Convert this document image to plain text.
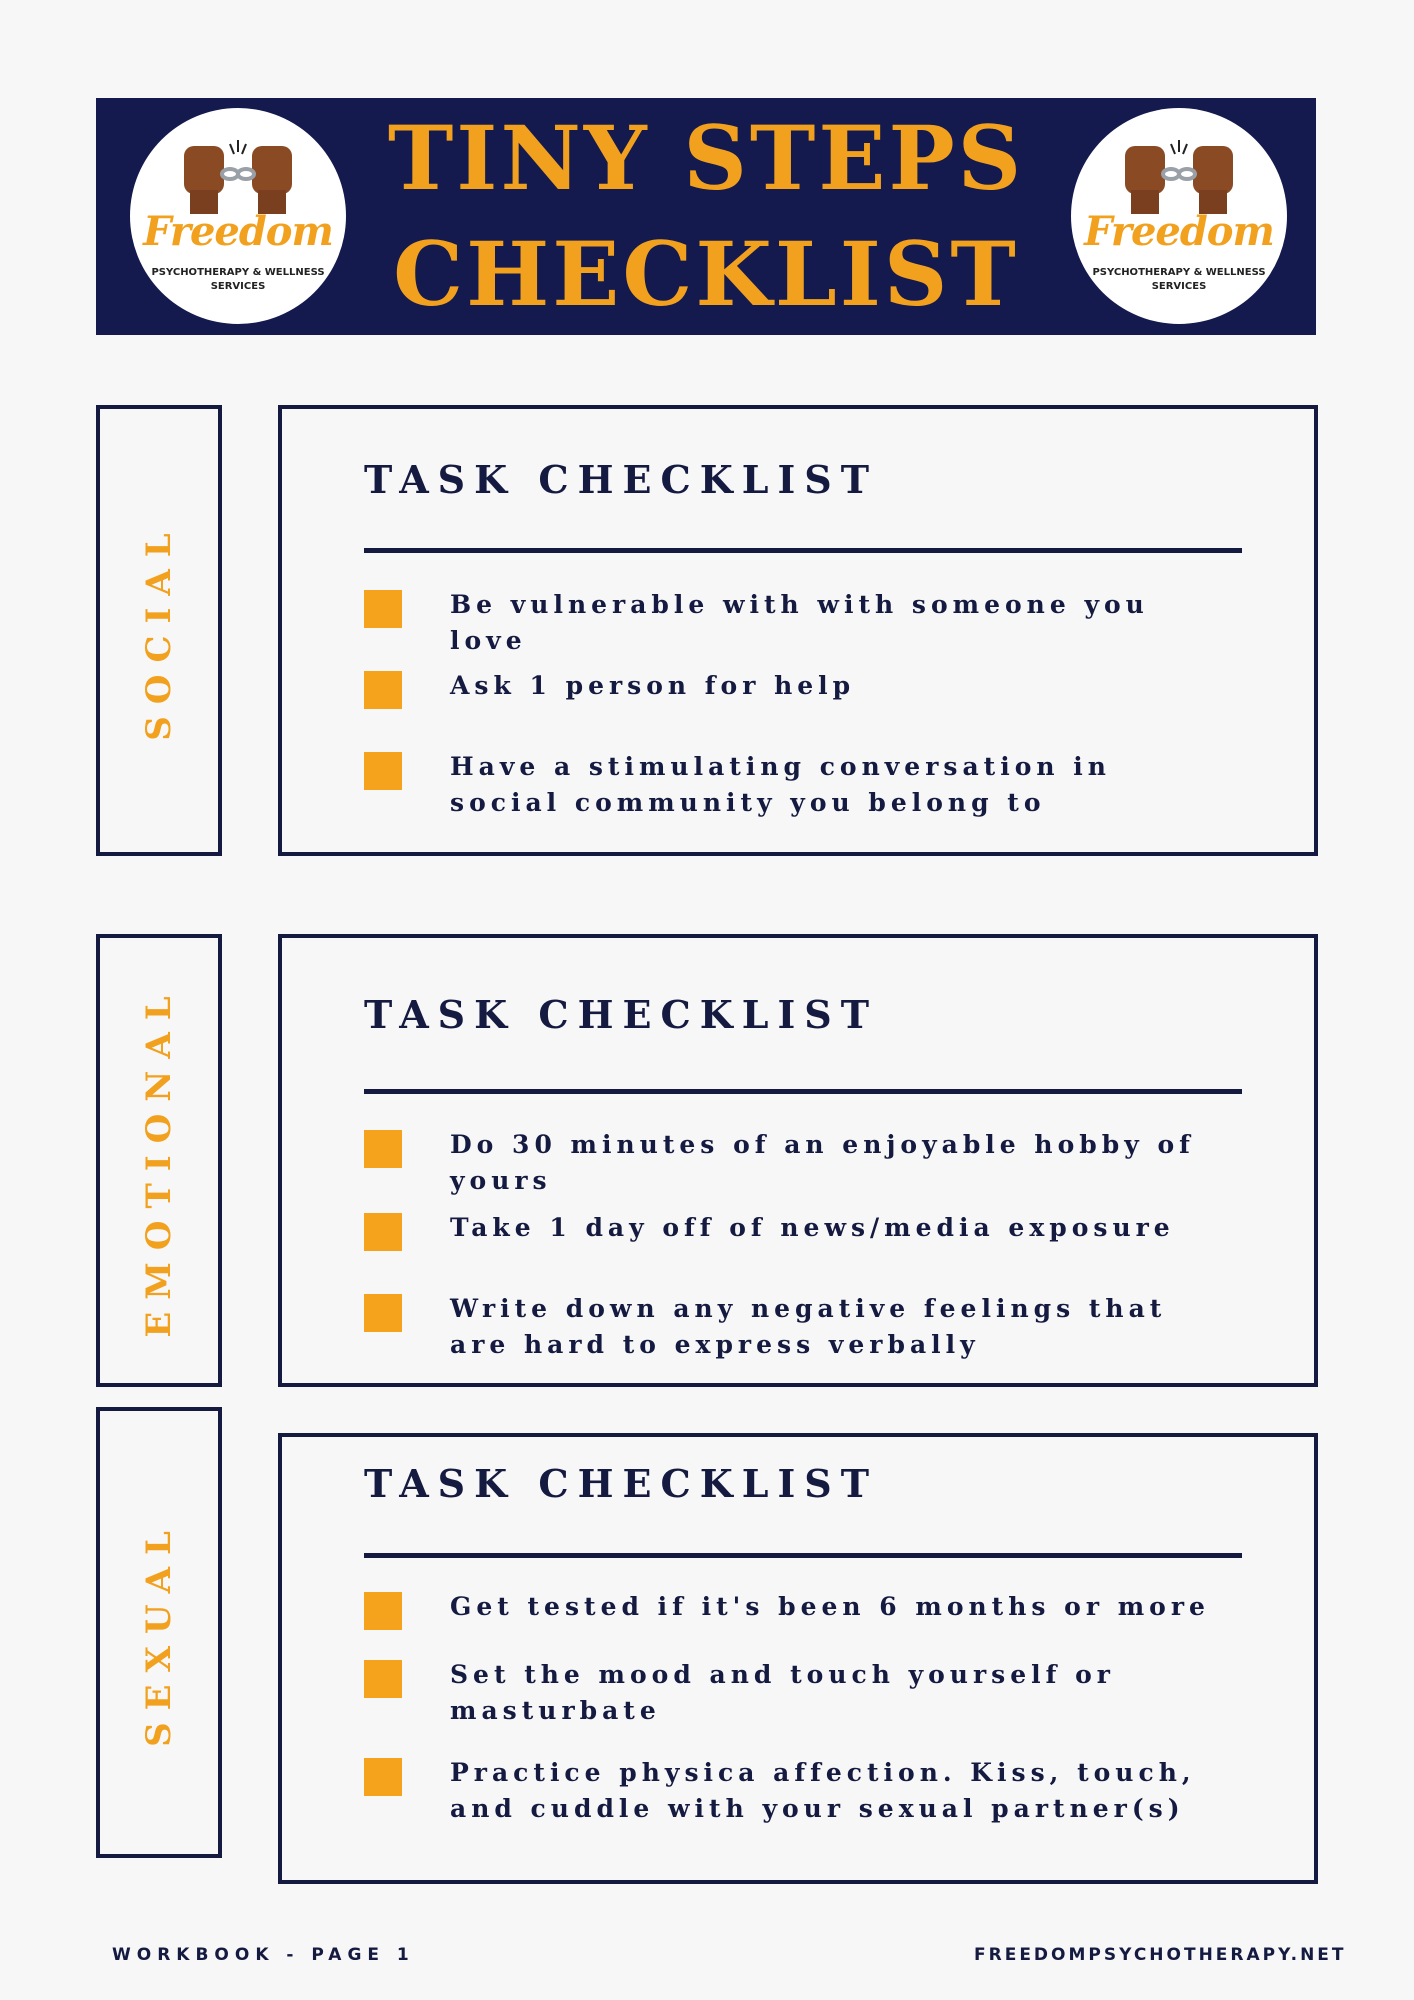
Freedom
PSYCHOTHERAPY & WELLNESS
SERVICES
TINY STEPS
CHECKLIST	Freedom
PSYCHOTHERAPY & WELLNESS
SERVICES
SOCIAL
TASK CHECKLIST
Be vulnerable with with someone you
love
Ask 1 person for help
Have a stimulating conversation in
social community you belong to
EMOTIONAL	TASK CHECKLIST
Do 30 minutes of an enjoyable hobby of
yours
Take 1 day off of news/media exposure
Write down any negative feelings that
are hard to express verbally
SEXUAL
TASK CHECKLIST
Get tested if it's been 6 months or more
Set the mood and touch yourself or
masturbate
Practice physica affection. Kiss, touch,
and cuddle with your sexual partner(s)
WORKBOOK - PAGE 1	FREEDOMPSYCHOTHERAPY.NET
